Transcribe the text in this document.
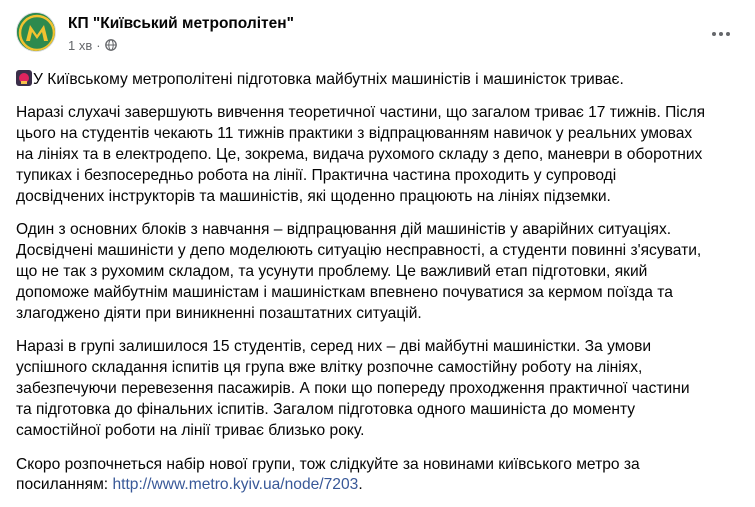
КП "Київський метрополітен"
1 хв ·
У Київському метрополітені підготовка майбутніх машиністів і машиністок триває.
Наразі слухачі завершують вивчення теоретичної частини, що загалом триває 17 тижнів. Після
цього на студентів чекають 11 тижнів практики з відпрацюванням навичок у реальних умовах
на лініях та в електродепо. Це, зокрема, видача рухомого складу з депо, маневри в оборотних
тупиках і безпосередньо робота на лінії. Практична частина проходить у супроводі
досвідчених інструкторів та машиністів, які щоденно працюють на лініях підземки.
Один з основних блоків з навчання – відпрацювання дій машиністів у аварійних ситуаціях.
Досвідчені машиністи у депо моделюють ситуацію несправності, а студенти повинні з'ясувати,
що не так з рухомим складом, та усунути проблему. Це важливий етап підготовки, який
допоможе майбутнім машиністам і машиністкам впевнено почуватися за кермом поїзда та
злагоджено діяти при виникненні позаштатних ситуацій.
Наразі в групі залишилося 15 студентів, серед них – дві майбутні машиністки. За умови
успішного складання іспитів ця група вже влітку розпочне самостійну роботу на лініях,
забезпечуючи перевезення пасажирів. А поки що попереду проходження практичної частини
та підготовка до фінальних іспитів. Загалом підготовка одного машиніста до моменту
самостійної роботи на лінії триває близько року.
Скоро розпочнеться набір нової групи, тож слідкуйте за новинами київського метро за
посиланням: http://www.metro.kyiv.ua/node/7203.
